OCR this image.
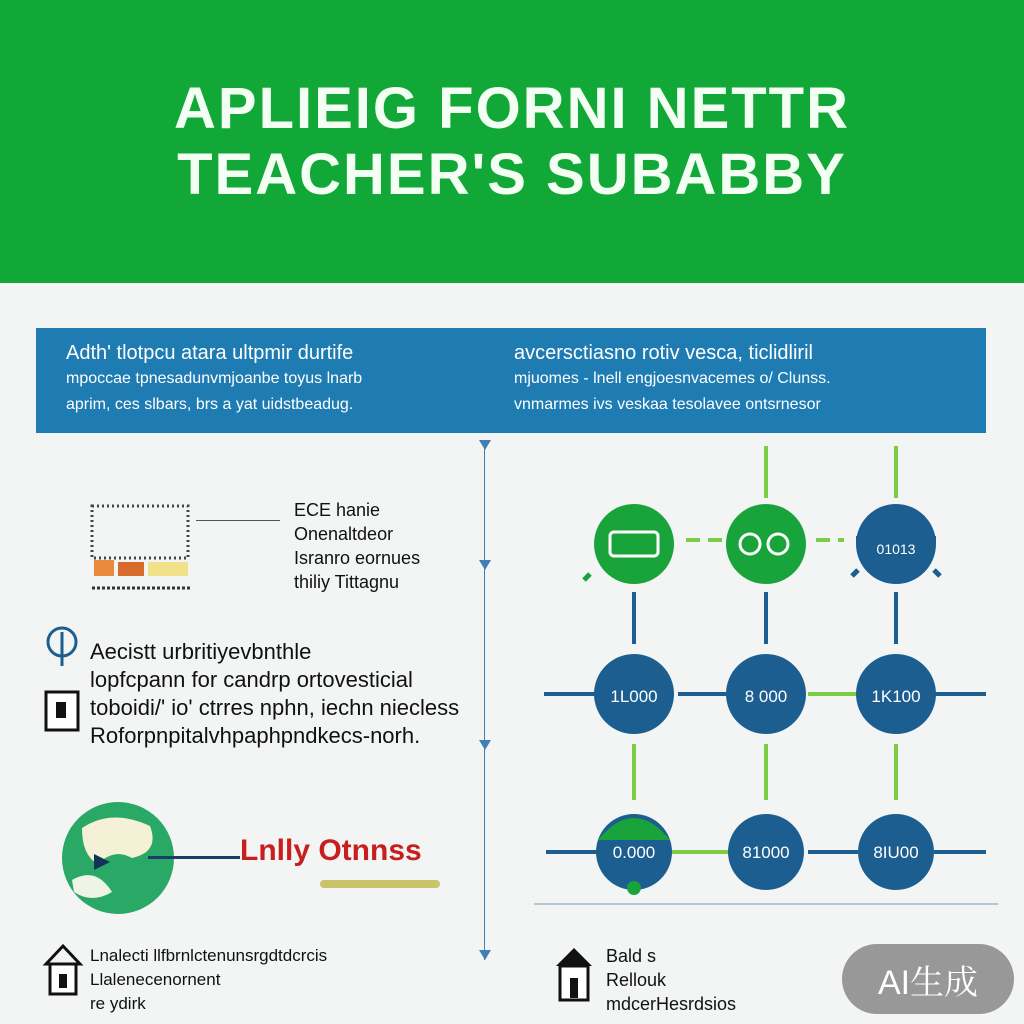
APLIEIG FORNI NETTR
TEACHER'S SUBABBY
Adth' tlotpcu atara ultpmir durtife
mpoccae tpnesadunvmjoanbe toyus lnarb
aprim, ces slbars, brs a yat uidstbeadug.
avcersctiasno rotiv vesca, ticlidliril
mjuomes - lnell engjoesnvacemes o/ Clunss.
vnmarmes ivs veskaa tesolavee ontsrnesor
ECE hanie
Onenaltdeor
Isranro eornues
thiliy Tittagnu
Aecistt urbritiyevbnthle
lopfcpann for candrp ortovesticial
toboidi/' io' ctrres nphn, iechn niecless
Roforpnpitalvhpaphpndkecs-norh.
Lnlly Otnnss
Lnalecti llfbrnlctenunsrgdtdcrcis
Llalenecenornent
re ydirk
01013
1L000	8 000	1K100
0.000	81000	8IU00
Bald s
Rellouk
mdcerHesrdsios
AI生成
